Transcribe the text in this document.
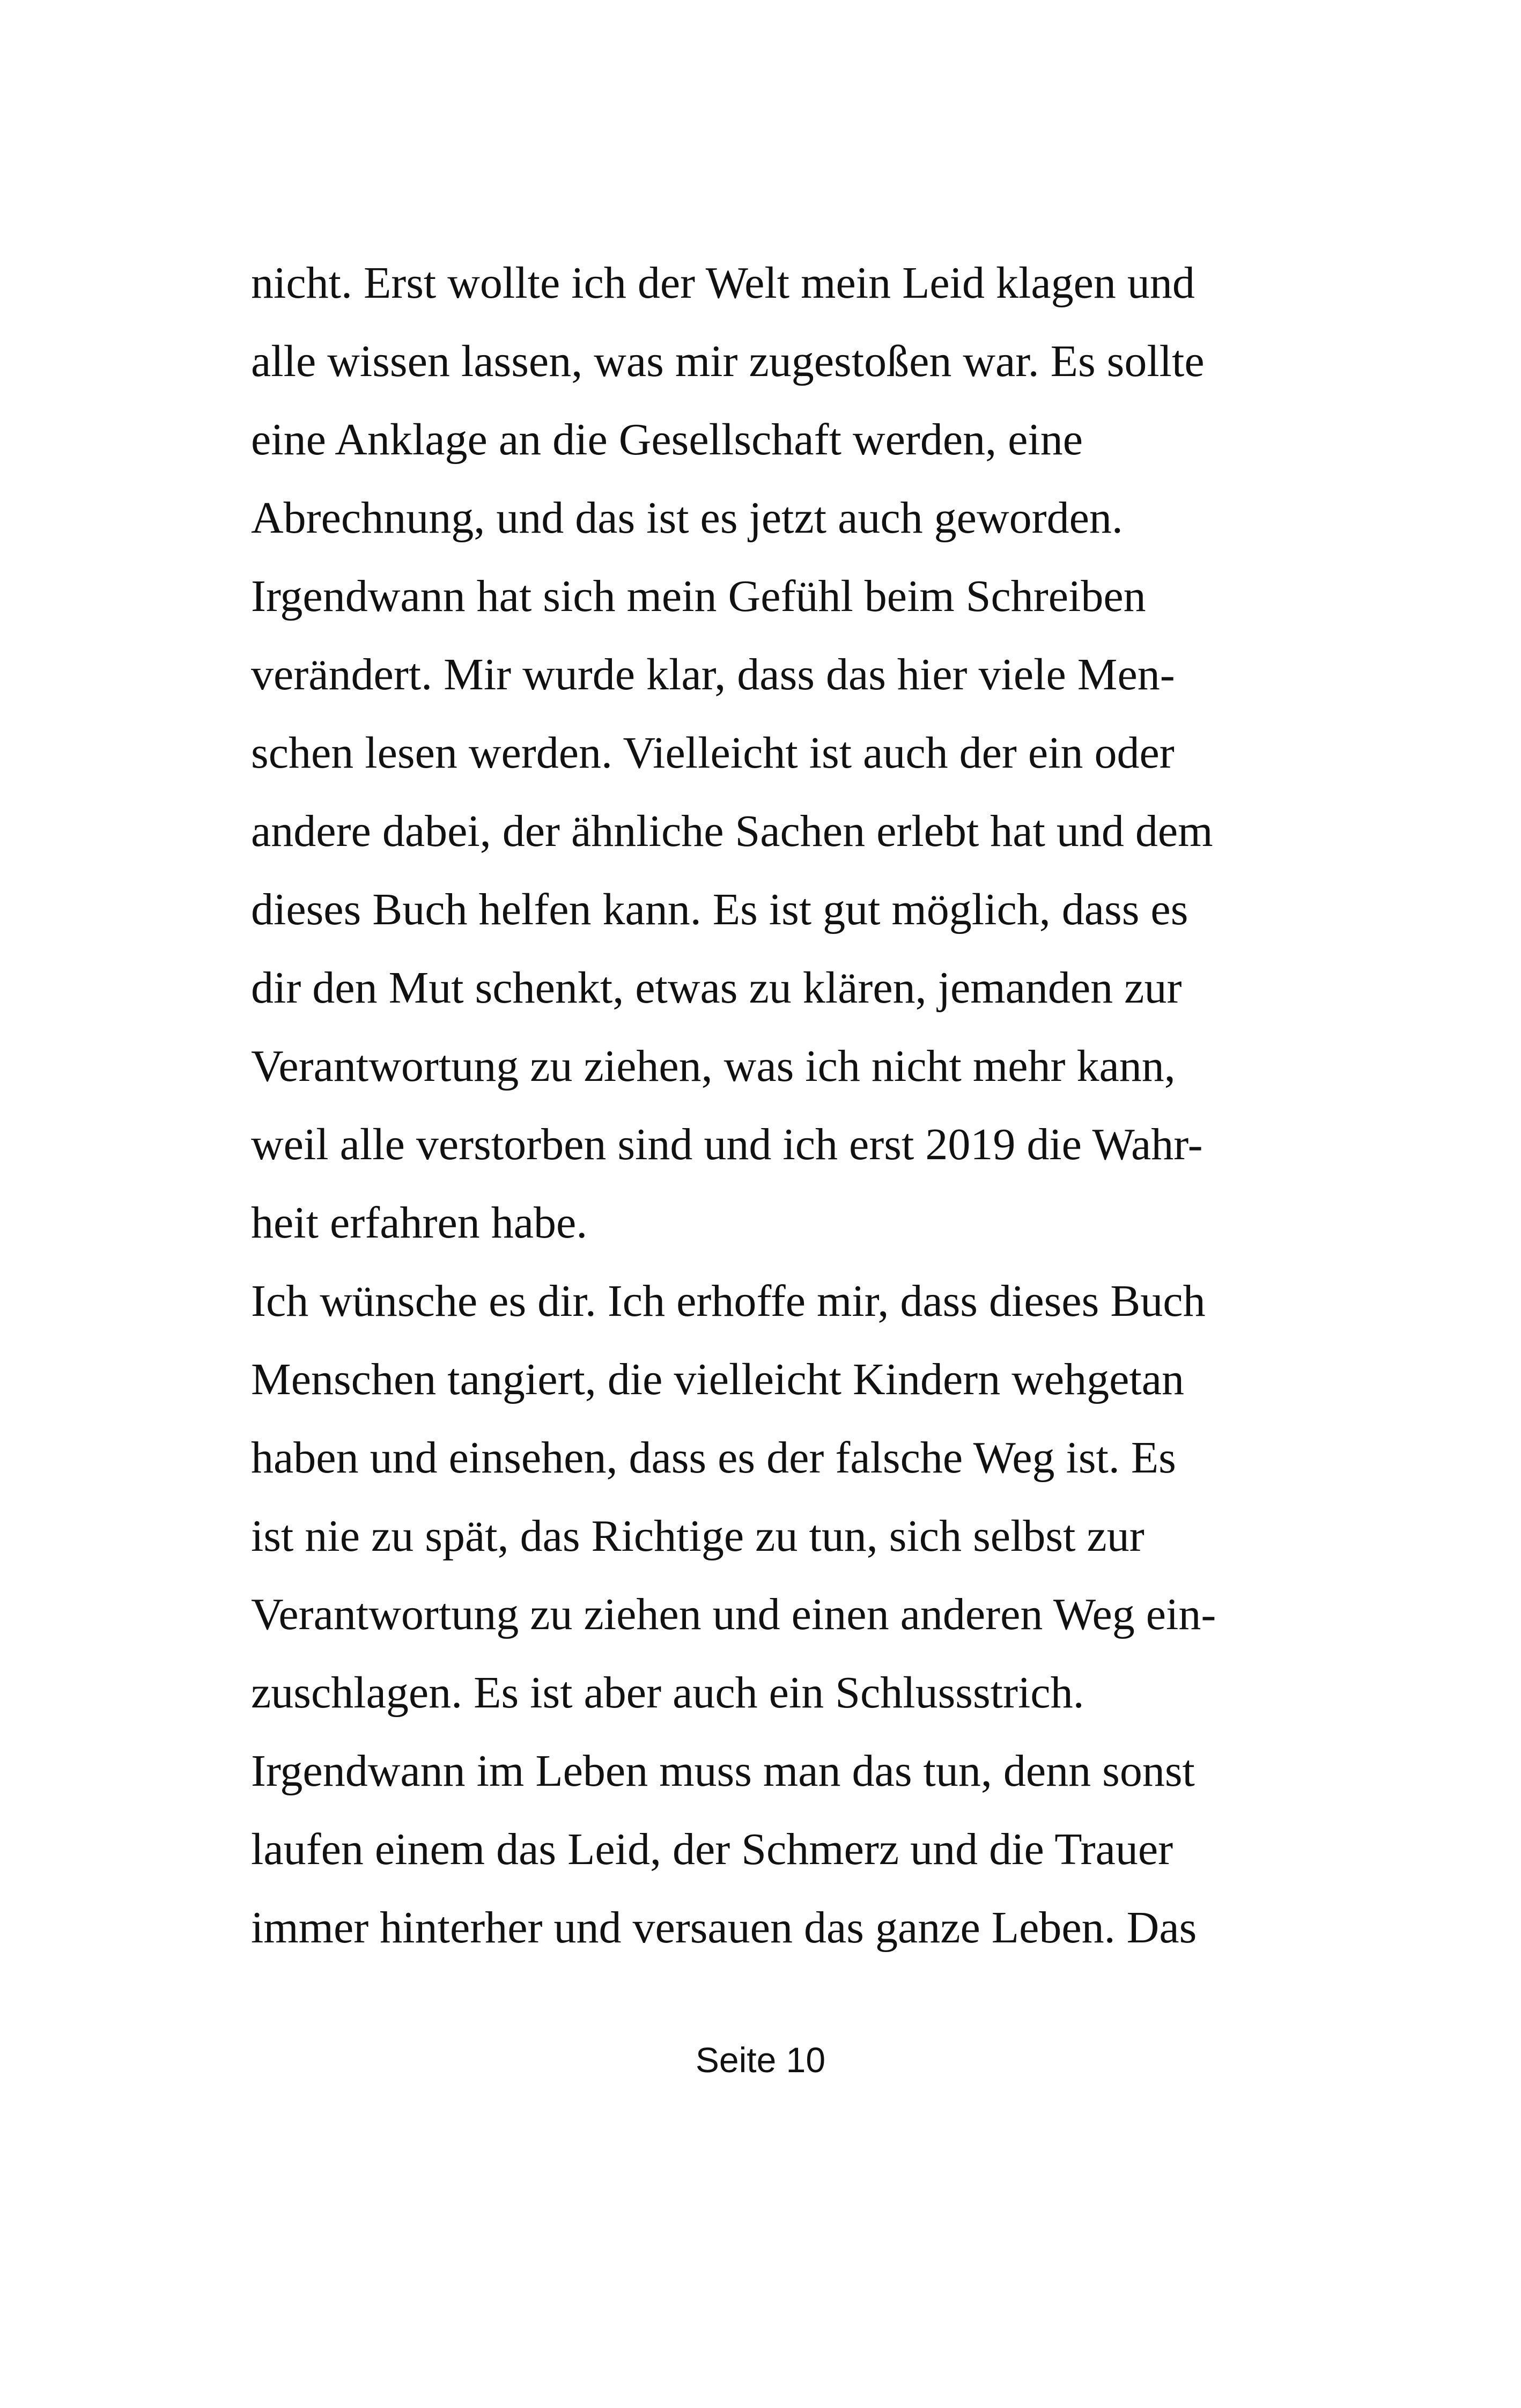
nicht. Erst wollte ich der Welt mein Leid klagen und
alle wissen lassen, was mir zugestoßen war. Es sollte
eine Anklage an die Gesellschaft werden, eine
Abrechnung, und das ist es jetzt auch geworden.
Irgendwann hat sich mein Gefühl beim Schreiben
verändert. Mir wurde klar, dass das hier viele Men-
schen lesen werden. Vielleicht ist auch der ein oder
andere dabei, der ähnliche Sachen erlebt hat und dem
dieses Buch helfen kann. Es ist gut möglich, dass es
dir den Mut schenkt, etwas zu klären, jemanden zur
Verantwortung zu ziehen, was ich nicht mehr kann,
weil alle verstorben sind und ich erst 2019 die Wahr-
heit erfahren habe.
Ich wünsche es dir. Ich erhoffe mir, dass dieses Buch
Menschen tangiert, die vielleicht Kindern wehgetan
haben und einsehen, dass es der falsche Weg ist. Es
ist nie zu spät, das Richtige zu tun, sich selbst zur
Verantwortung zu ziehen und einen anderen Weg ein-
zuschlagen. Es ist aber auch ein Schlussstrich.
Irgendwann im Leben muss man das tun, denn sonst
laufen einem das Leid, der Schmerz und die Trauer
immer hinterher und versauen das ganze Leben. Das
Seite 10
